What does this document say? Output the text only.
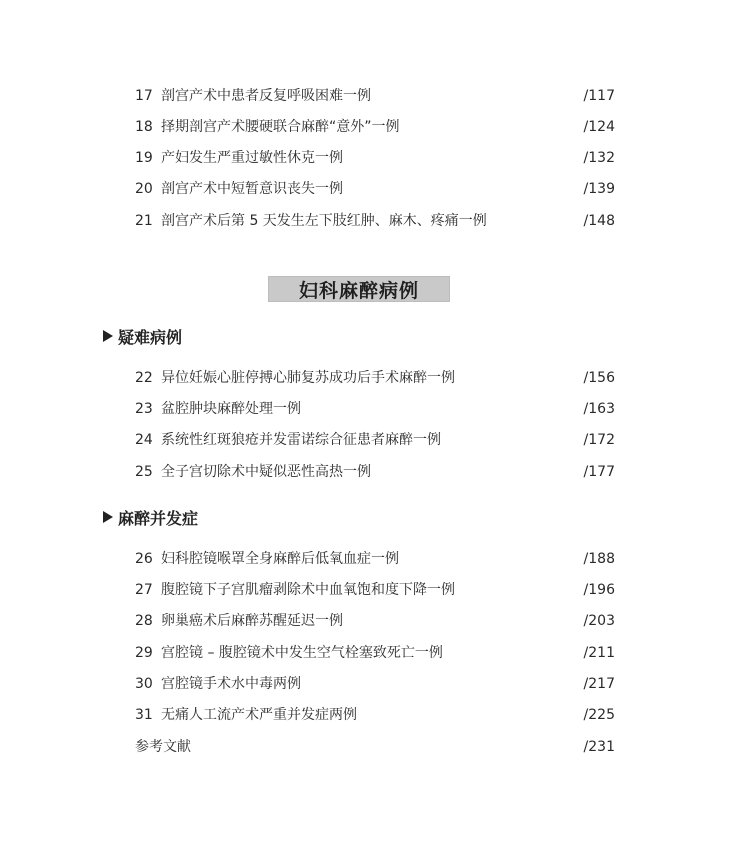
17 剖宫产术中患者反复呼吸困难一例	/117
18 择期剖宫产术腰硬联合麻醉“意外”一例	/124
19 产妇发生严重过敏性休克一例	/132
20 剖宫产术中短暂意识丧失一例	/139
21 剖宫产术后第 5 天发生左下肢红肿、麻木、疼痛一例	/148
妇科麻醉病例
疑难病例
22 异位妊娠心脏停搏心肺复苏成功后手术麻醉一例	/156
23 盆腔肿块麻醉处理一例	/163
24 系统性红斑狼疮并发雷诺综合征患者麻醉一例	/172
25 全子宫切除术中疑似恶性高热一例	/177
麻醉并发症
26 妇科腔镜喉罩全身麻醉后低氧血症一例	/188
27 腹腔镜下子宫肌瘤剥除术中血氧饱和度下降一例	/196
28 卵巢癌术后麻醉苏醒延迟一例	/203
29 宫腔镜 – 腹腔镜术中发生空气栓塞致死亡一例	/211
30 宫腔镜手术水中毒两例	/217
31 无痛人工流产术严重并发症两例	/225
参考文献	/231
